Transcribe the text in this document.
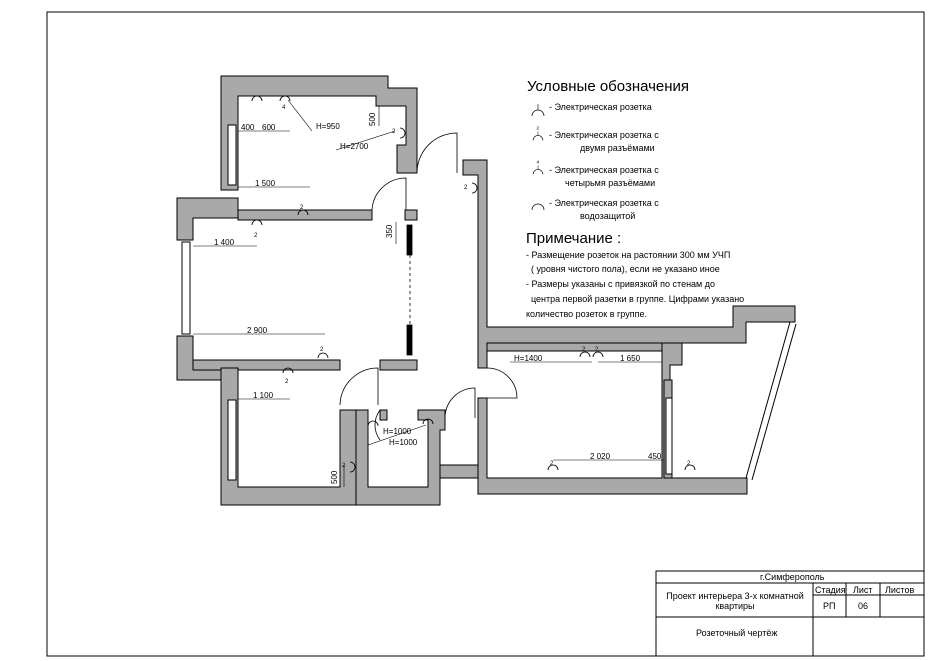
Условные обозначения
- Электрическая розетка
2
- Электрическая розетка с
двумя разъёмами
4
- Электрическая розетка с
четырьмя разъёмами
- Электрическая розетка с
водозащитой
Примечание :
- Размещение розеток на растоянии 300 мм УЧП
( уровня чистого пола), если не указано иное
- Размеры указаны с привязкой по стенам до
центра первой разетки в группе. Цифрами указано
количество розеток в группе.
400 600
500
H=950
H=2700
1 500
1 400
350
2 900
1 100
H=1000
H=1000
500
H=1400	1 650
2 020	450
4
2
2
2
2
2
2
2
2 2
2	2
г.Симферополь
Проект интерьера 3-х комнатной
квартиры
Стадия Лист Листов
РП	06
Розеточный чертёж
